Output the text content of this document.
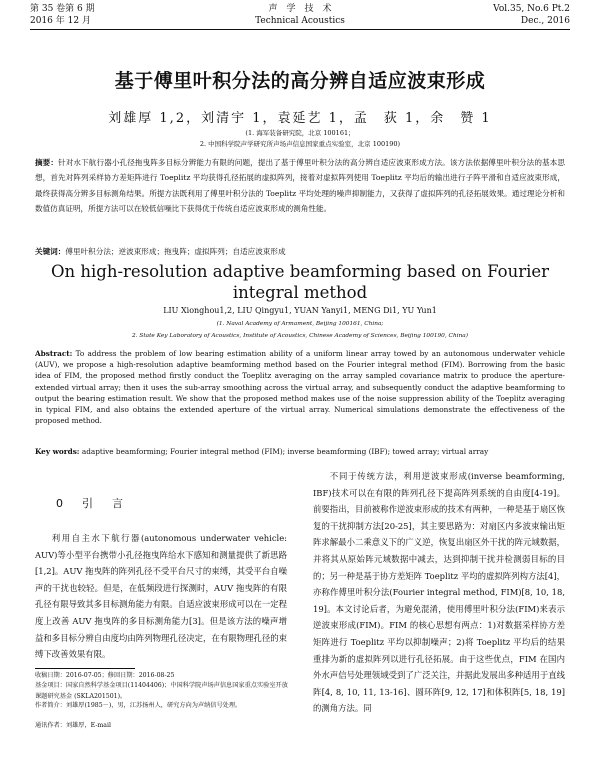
第 35 卷第 6 期
2016 年 12 月
声　学　技　术
Technical Acoustics
Vol.35, No.6 Pt.2
Dec., 2016
基于傅里叶积分法的高分辨自适应波束形成
刘雄厚 1,2，刘清宇 1，袁延艺 1，孟　荻 1，余　赞 1
(1. 海军装备研究院，北京 100161；
2. 中国科学院声学研究所声场声信息国家重点实验室，北京 100190)
摘要：针对水下航行器小孔径拖曳阵多目标分辨能力有限的问题，提出了基于傅里叶积分法的高分辨自适应波束形成方法。该方法依据傅里叶积分法的基本思想，首先对阵列采样协方差矩阵进行 Toeplitz 平均获得孔径拓展的虚拟阵列，接着对虚拟阵列使用 Toeplitz 平均后的输出进行子阵平滑和自适应波束形成，最终获得高分辨多目标测角结果。所提方法既利用了傅里叶积分法的 Toeplitz 平均处理的噪声抑制能力，又获得了虚拟阵列的孔径拓展效果。通过理论分析和数值仿真证明，所提方法可以在较低信噪比下获得优于传统自适应波束形成的测角性能。
关键词：傅里叶积分法；逆波束形成；拖曳阵；虚拟阵列；自适应波束形成
On high-resolution adaptive beamforming based on Fourier integral method
LIU Xionghou1,2, LIU Qingyu1, YUAN Yanyi1, MENG Di1, YU Yun1
(1. Naval Academy of Armament, Beijing 100161, China;
2. State Key Laboratory of Acoustics, Institute of Acoustics, Chinese Academy of Sciences, Beijing 100190, China)
Abstract: To address the problem of low bearing estimation ability of a uniform linear array towed by an autonomous underwater vehicle (AUV), we propose a high-resolution adaptive beamforming method based on the Fourier integral method (FIM). Borrowing from the basic idea of FIM, the proposed method firstly conduct the Toeplitz averaging on the array sampled covariance matrix to produce the aperture-extended virtual array; then it uses the sub-array smoothing across the virtual array, and subsequently conduct the adaptive beamforming to output the bearing estimation result. We show that the proposed method makes use of the noise suppression ability of the Toeplitz averaging in typical FIM, and also obtains the extended aperture of the virtual array. Numerical simulations demonstrate the effectiveness of the proposed method.
Key words: adaptive beamforming; Fourier integral method (FIM); inverse beamforming (IBF); towed array; virtual array
0　引　言

利用自主水下航行器(autonomous underwater vehicle: AUV)等小型平台携带小孔径拖曳阵给水下感知和测量提供了新思路[1,2]。AUV 拖曳阵的阵列孔径不受平台尺寸的束缚，其受平台自噪声的干扰也较轻。但是，在低频段进行探测时，AUV 拖曳阵的有限孔径有限导致其多目标测角能力有限。自适应波束形成可以在一定程度上改善 AUV 拖曳阵的多目标测角能力[3]。但是该方法的噪声增益和多目标分辨自由度均由阵列物理孔径决定，在有限物理孔径的束缚下改善效果有限。

不同于传统方法，利用逆波束形成(inverse beamforming, IBF)技术可以在有限的阵列孔径下提高阵列系统的自由度[4-19]。前要指出，目前被称作逆波束形成的技术有两种，一种是基于扇区恢复的干扰抑制方法[20-25]，其主要思路为：对扇区内多波束输出矩阵求解最小二乘意义下的广义逆，恢复出扇区外干扰的阵元域数据，并将其从原始阵元域数据中减去，达到抑制干扰并检测弱目标的目的；另一种是基于协方差矩阵 Toeplitz 平均的虚拟阵列构方法[4]，亦称作傅里叶积分法(Fourier integral method, FIM)[8, 10, 18, 19]。本文讨论后者，为避免混淆，使用傅里叶积分法(FIM)来表示逆波束形成(FIM)。FIM 的核心思想有两点：1)对数据采样协方差矩阵进行 Toeplitz 平均以抑制噪声；2)将 Toeplitz 平均后的结果重排为新的虚拟阵列以进行孔径拓展。由于这些优点，FIM 在国内外水声信号处理领域受到了广泛关注，并据此发展出多种适用于直线阵[4, 8, 10, 11, 13-16]、圆环阵[9, 12, 17]和体积阵[5, 18, 19]的测角方法。同

收稿日期：2016-07-05；修回日期：2016-08-25
基金项目：国家自然科学基金项目(11404406)；中国科学院声场声信息国家重点实验室开放课题研究基金 (SKLA201501)。
作者简介：刘雄厚(1985－)，男，江苏扬州人，研究方向为声纳信号处理。
通讯作者：刘雄厚，E-mail
